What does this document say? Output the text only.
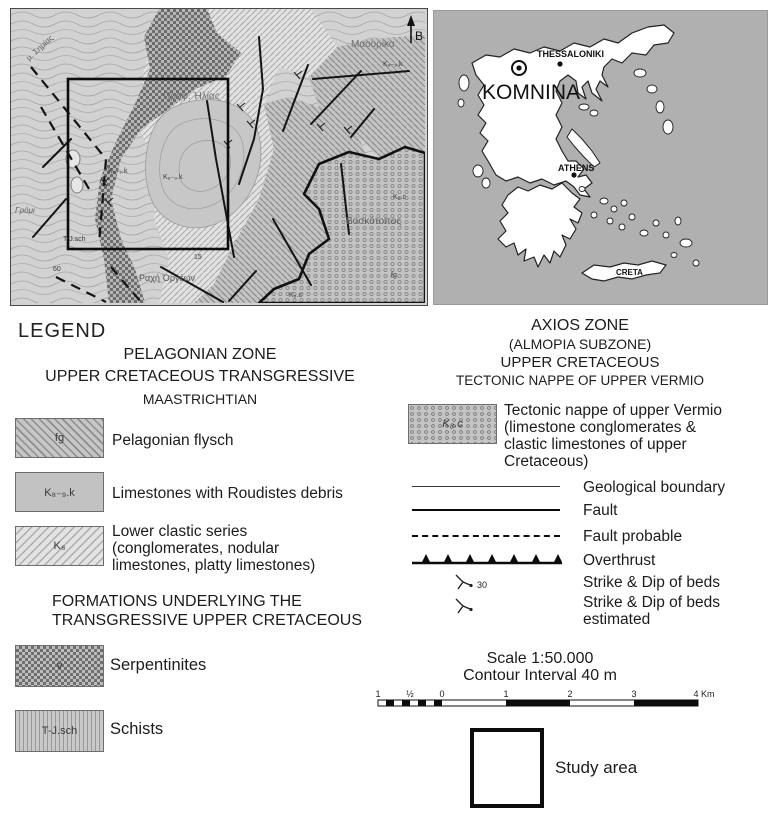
B
Μαουρίκα
K₈₋₉.k
Προφ. Ἠλίας
K₈₋₉.k
K₈₋₉.k
T-J.sch
60
15
Ραχή Ὀργέων
Βοσκότοπος
K₈.c
K₈.c
fg
Γρόμι
μ. Σημίας	THESSALONIKI
KOMNINA
ATHENS
CRETA
LEGEND
PELAGONIAN ZONE
UPPER CRETACEOUS TRANSGRESSIVE
MAASTRICHTIAN
fg	Pelagonian flysch
K₈₋₉.k Limestones with Roudistes debris
K₈
Lower clastic series
(conglomerates, nodular
limestones, platty limestones)
FORMATIONS UNDERLYING THE
TRANSGRESSIVE UPPER CRETACEOUS
v	Serpentinites
T-J.sch Schists
AXIOS ZONE
(ALMOPIA SUBZONE)
UPPER CRETACEOUS
TECTONIC NAPPE OF UPPER VERMIO
K₈.c
Tectonic nappe of upper Vermio
(limestone conglomerates &
clastic limestones of upper Cretaceous)
Geological boundary
Fault
Fault probable
Overthrust
30	Strike & Dip of beds
Strike & Dip of beds
estimated
Scale 1:50.000
Contour Interval 40 m
1	½	0	1	2	3	4 Km
Study area
